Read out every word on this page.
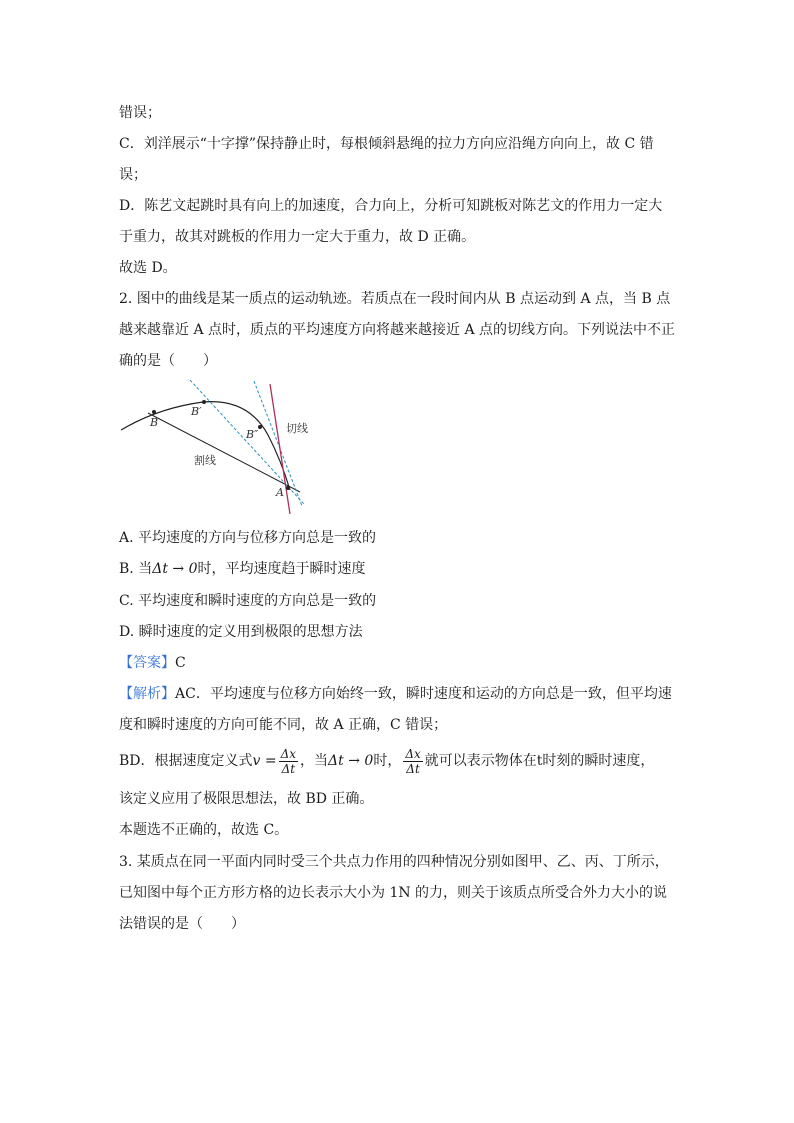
错误；
C．刘洋展示“十字撑”保持静止时，每根倾斜悬绳的拉力方向应沿绳方向向上，故 C 错
误；
D．陈艺文起跳时具有向上的加速度，合力向上，分析可知跳板对陈艺文的作用力一定大
于重力，故其对跳板的作用力一定大于重力，故 D 正确。
故选 D。
2. 图中的曲线是某一质点的运动轨迹。若质点在一段时间内从 B 点运动到 A 点，当 B 点
越来越靠近 A 点时，质点的平均速度方向将越来越接近 A 点的切线方向。下列说法中不正
确的是（　　）
B
B′
B″
A
切线
割线
A. 平均速度的方向与位移方向总是一致的
B. 当Δt → 0时，平均速度趋于瞬时速度
C. 平均速度和瞬时速度的方向总是一致的
D. 瞬时速度的定义用到极限的思想方法
【答案】C
【解析】AC．平均速度与位移方向始终一致，瞬时速度和运动的方向总是一致，但平均速
度和瞬时速度的方向可能不同，故 A 正确，C 错误；
BD．根据速度定义式$v = \frac{\Delta x}{\Delta t}$ ，当Δt → 0时， $\frac{\Delta x}{\Delta t}$ 就可以表示物体在t时刻的瞬时速度，
该定义应用了极限思想法，故 BD 正确。
本题选不正确的，故选 C。
3. 某质点在同一平面内同时受三个共点力作用的四种情况分别如图甲、乙、丙、丁所示，
已知图中每个正方形方格的边长表示大小为 1N 的力，则关于该质点所受合外力大小的说
法错误的是（　　）
